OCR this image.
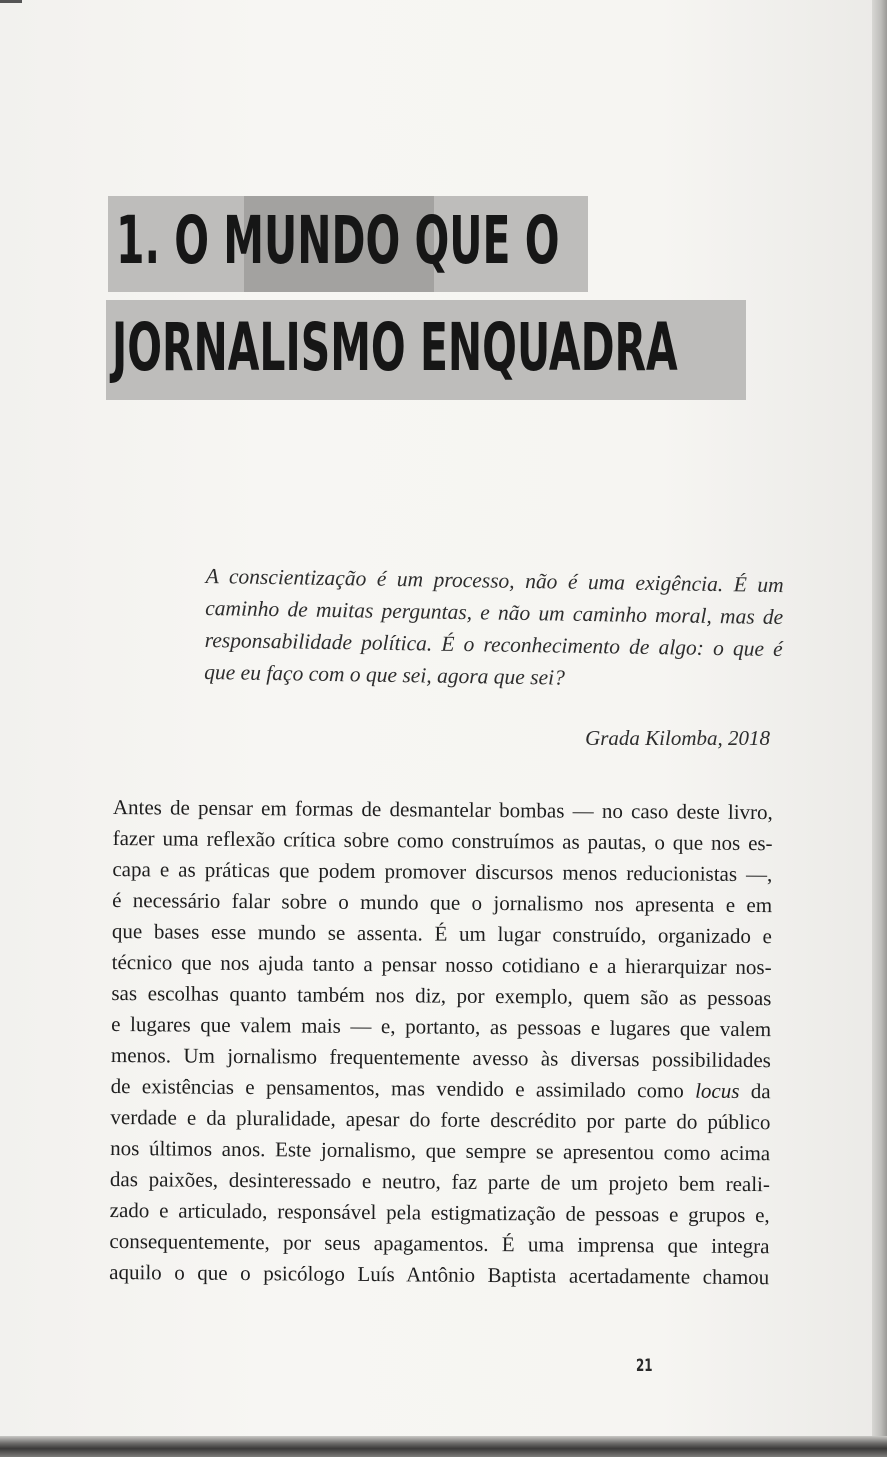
1. O MUNDO QUE O
JORNALISMO ENQUADRA

A conscientização é um processo, não é uma exigência. É um caminho de muitas perguntas, e não um caminho moral, mas de responsabilidade política. É o reconhecimento de algo: o que é que eu faço com o que sei, agora que sei?

Grada Kilomba, 2018
Antes de pensar em formas de desmantelar bombas — no caso deste livro,
fazer uma reflexão crítica sobre como construímos as pautas, o que nos es-
capa e as práticas que podem promover discursos menos reducionistas —,
é necessário falar sobre o mundo que o jornalismo nos apresenta e em
que bases esse mundo se assenta. É um lugar construído, organizado e
técnico que nos ajuda tanto a pensar nosso cotidiano e a hierarquizar nos-
sas escolhas quanto também nos diz, por exemplo, quem são as pessoas
e lugares que valem mais — e, portanto, as pessoas e lugares que valem
menos. Um jornalismo frequentemente avesso às diversas possibilidades
de existências e pensamentos, mas vendido e assimilado como locus da
verdade e da pluralidade, apesar do forte descrédito por parte do público
nos últimos anos. Este jornalismo, que sempre se apresentou como acima
das paixões, desinteressado e neutro, faz parte de um projeto bem reali-
zado e articulado, responsável pela estigmatização de pessoas e grupos e,
consequentemente, por seus apagamentos. É uma imprensa que integra
aquilo o que o psicólogo Luís Antônio Baptista acertadamente chamou
21
